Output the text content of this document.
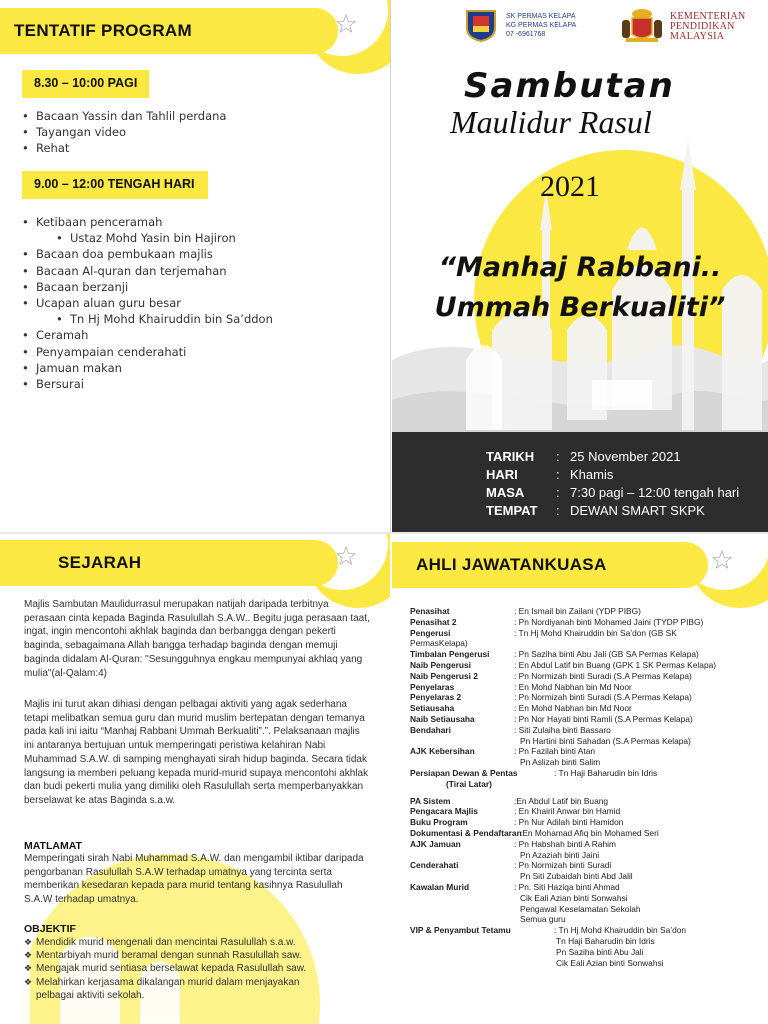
TENTATIF PROGRAM
8.30 – 10:00 PAGI
• Bacaan Yassin dan Tahlil perdana
• Tayangan video
• Rehat
9.00 – 12:00 TENGAH HARI
• Ketibaan penceramah
• Ustaz Mohd Yasin bin Hajiron
• Bacaan doa pembukaan majlis
• Bacaan Al-quran dan terjemahan
• Bacaan berzanji
• Ucapan aluan guru besar
• Tn Hj Mohd Khairuddin bin Sa’ddon
• Ceramah
• Penyampaian cenderahati
• Jamuan makan
• Bersurai
SK PERMAS KELAPA
KG PERMAS KELAPA
07 -6961768
KEMENTERIAN
PENDIDIKAN
MALAYSIA
Sambutan
Maulidur Rasul
2021
“Manhaj Rabbani..
Ummah Berkualiti”
TARIKH : 25 November 2021
HARI	: Khamis
MASA : 7:30 pagi – 12:00 tengah hari
TEMPAT : DEWAN SMART SKPK
SEJARAH

Majlis Sambutan Maulidurrasul merupakan natijah daripada terbitnya perasaan cinta kepada Baginda Rasulullah S.A.W.. Begitu juga perasaan taat, ingat, ingin mencontohi akhlak baginda dan berbangga dengan pekerti baginda, sebagaimana Allah bangga terhadap baginda dengan memuji baginda didalam Al-Quran: "Sesungguhnya engkau mempunyai akhlaq yang mulia"(al-Qalam:4)

Majlis ini turut akan dihiasi dengan pelbagai aktiviti yang agak sederhana tetapi melibatkan semua guru dan murid muslim bertepatan dengan temanya pada kali ini iaitu “Manhaj Rabbani Ummah Berkualiti”.”. Pelaksanaan majlis ini antaranya bertujuan untuk memperingati peristiwa kelahiran Nabi Muhammad S.A.W. di samping menghayati sirah hidup baginda. Secara tidak langsung ia memberi peluang kepada murid-murid supaya mencontohi akhlak dan budi pekerti mulia yang dimiliki oleh Rasulullah serta memperbanyakkan berselawat ke atas Baginda s.a.w.

MATLAMAT

Memperingati sirah Nabi Muhammad S.A.W. dan mengambil iktibar daripada pengorbanan Rasulullah S.A.W terhadap umatnya yang tercinta serta memberikan kesedaran kepada para murid tentang kasihnya Rasulullah S.A.W terhadap umatnya.

OBJEKTIF
❖ Mendidik murid mengenali dan mencintai Rasulullah s.a.w.
❖ Mentarbiyah murid beramal dengan sunnah Rasulullah saw.
❖ Mengajak murid sentiasa berselawat kepada Rasulullah saw.
❖ Melahirkan kerjasama dikalangan murid dalam menjayakan
pelbagai aktiviti sekolah.
AHLI JAWATANKUASA
Penasihat	: En Ismail bin Zailani (YDP PIBG)
Penasihat 2	: Pn Nordiyanah binti Mohamed Jaini (TYDP PIBG)
Pengerusi	: Tn Hj Mohd Khairuddin bin Sa’don (GB SK
PermasKelapa)
Timbalan Pengerusi	: Pn Saziha binti Abu Jali (GB SA Permas Kelapa)
Naib Pengerusi	: En Abdul Latif bin Buang (GPK 1 SK Permas Kelapa)
Naib Pengerusi 2	: Pn Normizah binti Suradi (S.A Permas Kelapa)
Penyelaras	: En Mohd Nabhan bin Md Noor
Penyelaras 2	: Pn Normizah binti Suradi (S.A Permas Kelapa)
Setiausaha	: En Mohd Nabhan bin Md Noor
Naib Setiausaha	: Pn Nor Hayati binti Ramli (S.A Permas Kelapa)
Bendahari	: Siti Zulaiha binti Bassaro
Pn Hartini binti Sahadan (S.A Permas Kelapa)
AJK Kebersihan	: Pn Fazilah binti Atan
Pn Aslizah binti Salim
Persiapan Dewan & Pentas	: Tn Haji Baharudin bin Idris
(Tirai Latar)
PA Sistem	:En Abdul Latif bin Buang
Pengacara Majlis	: En Khairil Anwar bin Hamid
Buku Program	: Pn Nur Adilah binti Hamidon
Dokumentasi & Pendaftaran
:En Mohamad Afiq bin Mohamed Seri
AJK Jamuan	: Pn Habshah binti A Rahim
Pn Azaziah binti Jaini
Cenderahati	: Pn Normizah binti Suradi
Pn Siti Zubaidah binti Abd Jalil
Kawalan Murid	: Pn. Siti Haziqa binti Ahmad
Cik Eali Azian binti Sonwahsi
Pengawal Keselamatan Sekolah
Semua guru
VIP & Penyambut Tetamu	: Tn Hj Mohd Khairuddin bin Sa’don
Tn Haji Baharudin bin Idris
Pn Saziha binti Abu Jali
Cik Eali Azian binti Sonwahsi
